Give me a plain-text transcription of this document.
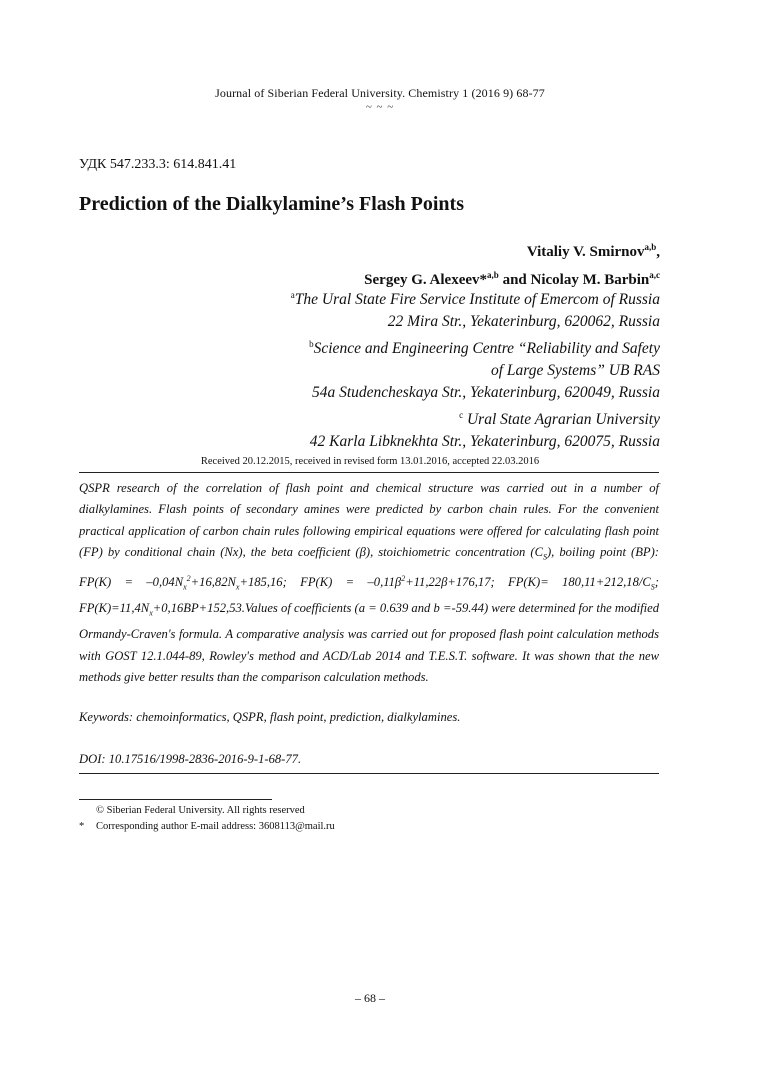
Journal of Siberian Federal University. Chemistry 1 (2016 9) 68-77
~ ~ ~
УДК 547.233.3: 614.841.41
Prediction of the Dialkylamine’s Flash Points
Vitaliy V. Smirnov$^{a,b}$,
Sergey G. Alexeev*$^{a,b}$ and Nicolay M. Barbin$^{a,c}$
$^a$The Ural State Fire Service Institute of Emercom of Russia
22 Mira Str., Yekaterinburg, 620062, Russia
$^b$Science and Engineering Centre “Reliability and Safety
of Large Systems” UB RAS
54a Studencheskaya Str., Yekaterinburg, 620049, Russia
$^c$ Ural State Agrarian University
42 Karla Libknekhta Str., Yekaterinburg, 620075, Russia
Received 20.12.2015, received in revised form 13.01.2016, accepted 22.03.2016

QSPR research of the correlation of flash point and chemical structure was carried out in a number of dialkylamines. Flash points of secondary amines were predicted by carbon chain rules. For the convenient practical application of carbon chain rules following empirical equations were offered for calculating flash point (FP) by conditional chain (Nx), the beta coefficient (β), stoichiometric concentration $(C_S)$, boiling point (BP): $FP(K) = -0,04N_x^2+16,82N_x+185,16$; $FP(K) = -0,11\beta^2+11,22\beta+176,17$; $FP(K)= 180,11+212,18/C_S$; $FP(K)=11,4N_x+0,16BP+152,53.Values$ of coefficients (a = 0.639 and b =-59.44) were determined for the modified Ormandy-Craven's formula. A comparative analysis was carried out for proposed flash point calculation methods with GOST 12.1.044-89, Rowley's method and ACD/Lab 2014 and T.E.S.T. software. It was shown that the new methods give better results than the comparison calculation methods.

Keywords: chemoinformatics, QSPR, flash point, prediction, dialkylamines.

DOI: 10.17516/1998-2836-2016-9-1-68-77.

© Siberian Federal University. All rights reserved
* Corresponding author E-mail address: 3608113@mail.ru
– 68 –
